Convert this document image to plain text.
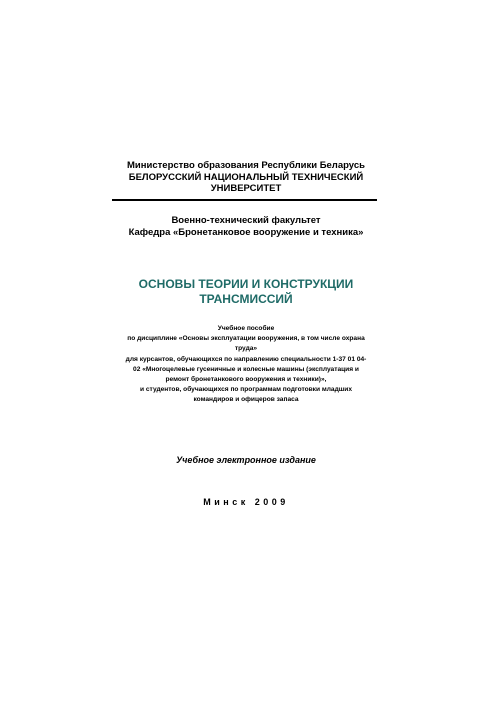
Министерство образования Республики Беларусь
БЕЛОРУССКИЙ НАЦИОНАЛЬНЫЙ ТЕХНИЧЕСКИЙ
УНИВЕРСИТЕТ
Военно-технический факультет
Кафедра «Бронетанковое вооружение и техника»
ОСНОВЫ ТЕОРИИ И КОНСТРУКЦИИ
ТРАНСМИССИЙ
Учебное пособие
по дисциплине «Основы эксплуатации вооружения, в том числе охрана
труда»
для курсантов, обучающихся по направлению специальности 1-37 01 04-
02 «Многоцелевые гусеничные и колесные машины (эксплуатация и
ремонт бронетанкового вооружения и техники)»,
и студентов, обучающихся по программам подготовки младших
командиров и офицеров запаса
Учебное электронное издание
Минск 2009
